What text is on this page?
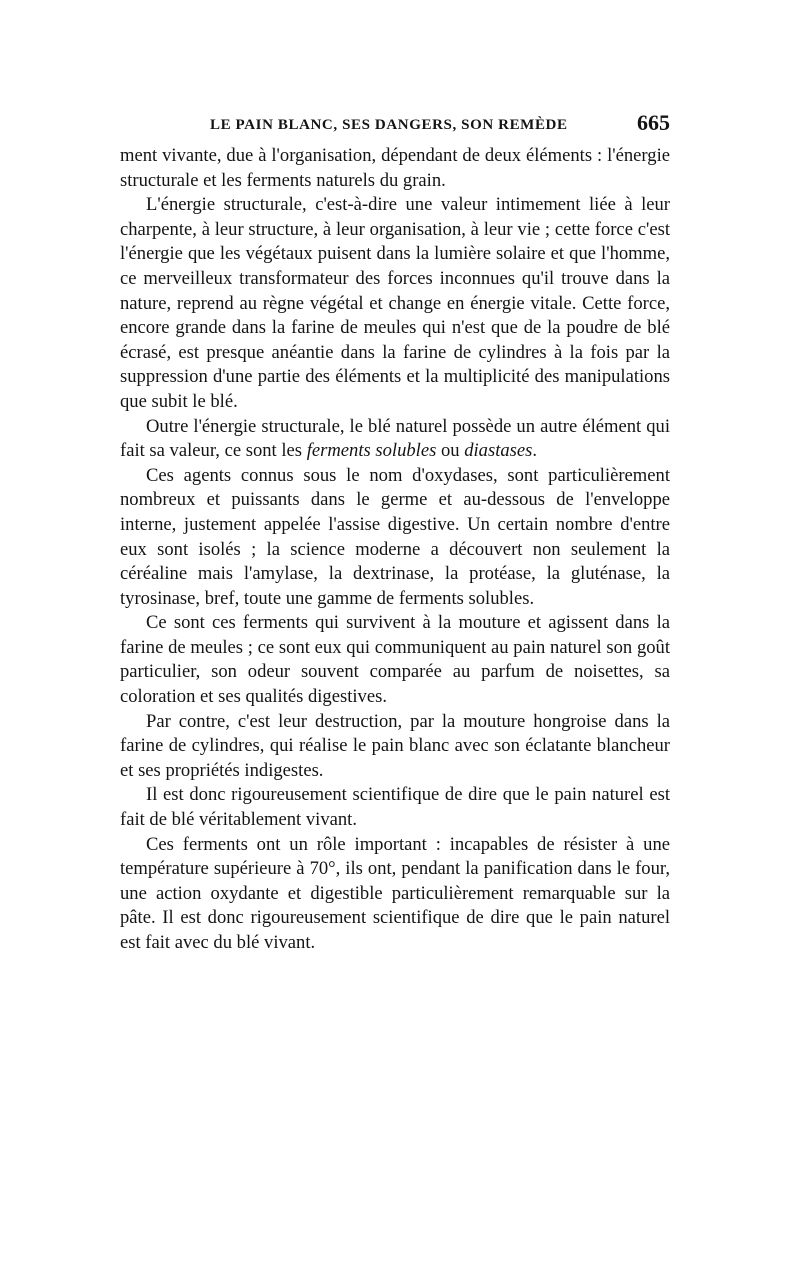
LE PAIN BLANC, SES DANGERS, SON REMÈDE	665

ment vivante, due à l'organisation, dépendant de deux éléments : l'énergie structurale et les ferments naturels du grain.

L'énergie structurale, c'est-à-dire une valeur intimement liée à leur charpente, à leur structure, à leur organisation, à leur vie ; cette force c'est l'énergie que les végétaux puisent dans la lumière solaire et que l'homme, ce merveilleux transformateur des forces inconnues qu'il trouve dans la nature, reprend au règne végétal et change en énergie vitale. Cette force, encore grande dans la farine de meules qui n'est que de la poudre de blé écrasé, est presque anéantie dans la farine de cylindres à la fois par la suppression d'une partie des éléments et la multiplicité des manipulations que subit le blé.

Outre l'énergie structurale, le blé naturel possède un autre élément qui fait sa valeur, ce sont les ferments solubles ou diastases.

Ces agents connus sous le nom d'oxydases, sont particulièrement nombreux et puissants dans le germe et au-dessous de l'enveloppe interne, justement appelée l'assise digestive. Un certain nombre d'entre eux sont isolés ; la science moderne a découvert non seulement la céréaline mais l'amylase, la dextrinase, la protéase, la gluténase, la tyrosinase, bref, toute une gamme de ferments solubles.

Ce sont ces ferments qui survivent à la mouture et agissent dans la farine de meules ; ce sont eux qui communiquent au pain naturel son goût particulier, son odeur souvent comparée au parfum de noisettes, sa coloration et ses qualités digestives.

Par contre, c'est leur destruction, par la mouture hongroise dans la farine de cylindres, qui réalise le pain blanc avec son éclatante blancheur et ses propriétés indigestes.

Il est donc rigoureusement scientifique de dire que le pain naturel est fait de blé véritablement vivant.

Ces ferments ont un rôle important : incapables de résister à une température supérieure à 70°, ils ont, pendant la panification dans le four, une action oxydante et digestible particulièrement remarquable sur la pâte. Il est donc rigoureusement scientifique de dire que le pain naturel est fait avec du blé vivant.
